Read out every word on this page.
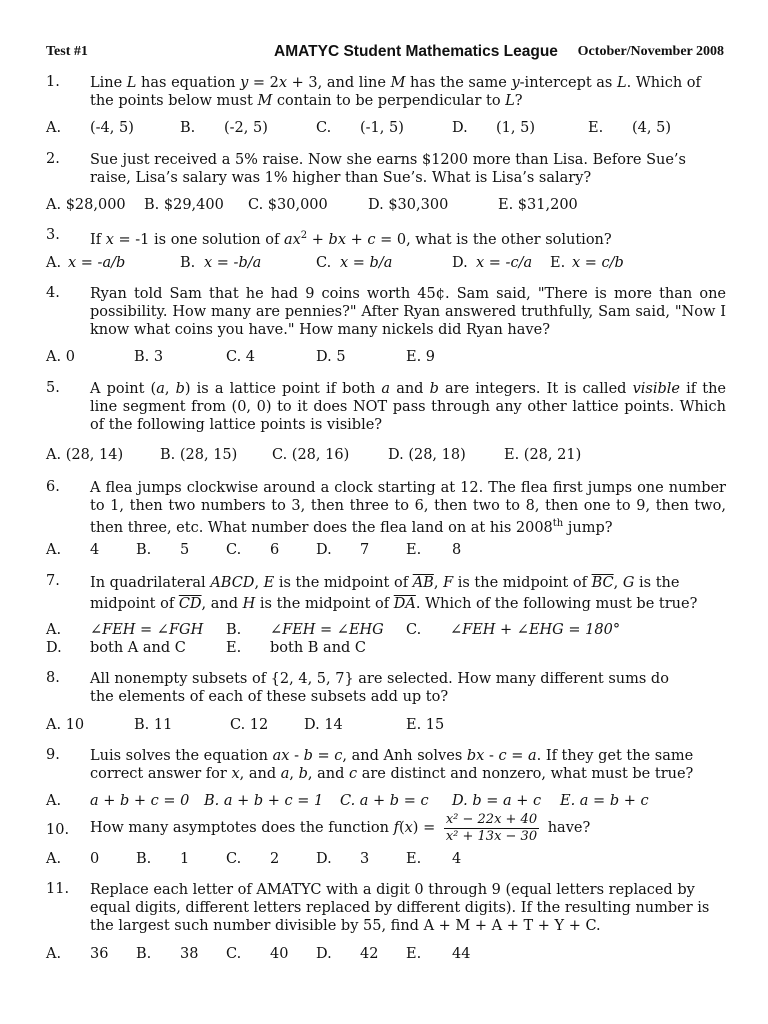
Test #1	AMATYC Student Mathematics League October/November 2008
1. Line L has equation y = 2x + 3, and line M has the same y-intercept as L. Which of the points below must M contain to be perpendicular to L?
A. (-4, 5)	B. (-2, 5)	C. (-1, 5)	D. (1, 5)	E. (4, 5)
2. Sue just received a 5% raise. Now she earns $1200 more than Lisa. Before Sue’s raise, Lisa’s salary was 1% higher than Sue’s. What is Lisa’s salary?
A. $28,000 B. $29,400 C. $30,000	D. $30,300	E. $31,200
3. If x = -1 is one solution of $ax^2$ + bx + c = 0, what is the other solution?
A. x = -a/b	B. x = -b/a	C. x = b/a	D. x = -c/a E. x = c/b
4. Ryan told Sam that he had 9 coins worth 45¢. Sam said, "There is more than one possibility. How many are pennies?" After Ryan answered truthfully, Sam said, "Now I know what coins you have." How many nickels did Ryan have?
A. 0	B. 3	C. 4	D. 5	E. 9
5. A point (a, b) is a lattice point if both a and b are integers. It is called visible if the line segment from (0, 0) to it does NOT pass through any other lattice points. Which of the following lattice points is visible?
A. (28, 14)	B. (28, 15) C. (28, 16)	D. (28, 18)	E. (28, 21)
6. A flea jumps clockwise around a clock starting at 12. The flea first jumps one number to 1, then two numbers to 3, then three to 6, then two to 8, then one to 9, then two, then three, etc. What number does the flea land on at his 2008th jump?
A. 4	B. 5	C. 6	D. 7	E. 8
7. In quadrilateral ABCD, E is the midpoint of $\overline{AB}$, F is the midpoint of $\overline{BC}$, G is the midpoint of $\overline{CD}$, and H is the midpoint of $\overline{DA}$. Which of the following must be true?
A. ∠FEH = ∠FGH B. ∠FEH = ∠EHG C. ∠FEH + ∠EHG = 180°
D. both A and C	E. both B and C
8. All nonempty subsets of {2, 4, 5, 7} are selected. How many different sums do the elements of each of these subsets add up to?
A. 10	B. 11	C. 12 D. 14	E. 15
9. Luis solves the equation ax - b = c, and Anh solves bx - c = a. If they get the same correct answer for x, and a, b, and c are distinct and nonzero, what must be true?
A. a + b + c = 0 B. a + b + c = 1 C. a + b = c D. b = a + c E. a = b + c
10. How many asymptotes does the function $f(x) = \frac{\text{x² − 22x + 40}}{\text{x² + 13x − 30}}$ have?
A. 0	B. 1	C. 2	D. 3	E. 4
11. Replace each letter of AMATYC with a digit 0 through 9 (equal letters replaced by equal digits, different letters replaced by different digits). If the resulting number is the largest such number divisible by 55, find A + M + A + T + Y + C.
A. 36 B. 38 C. 40 D. 42 E. 44
